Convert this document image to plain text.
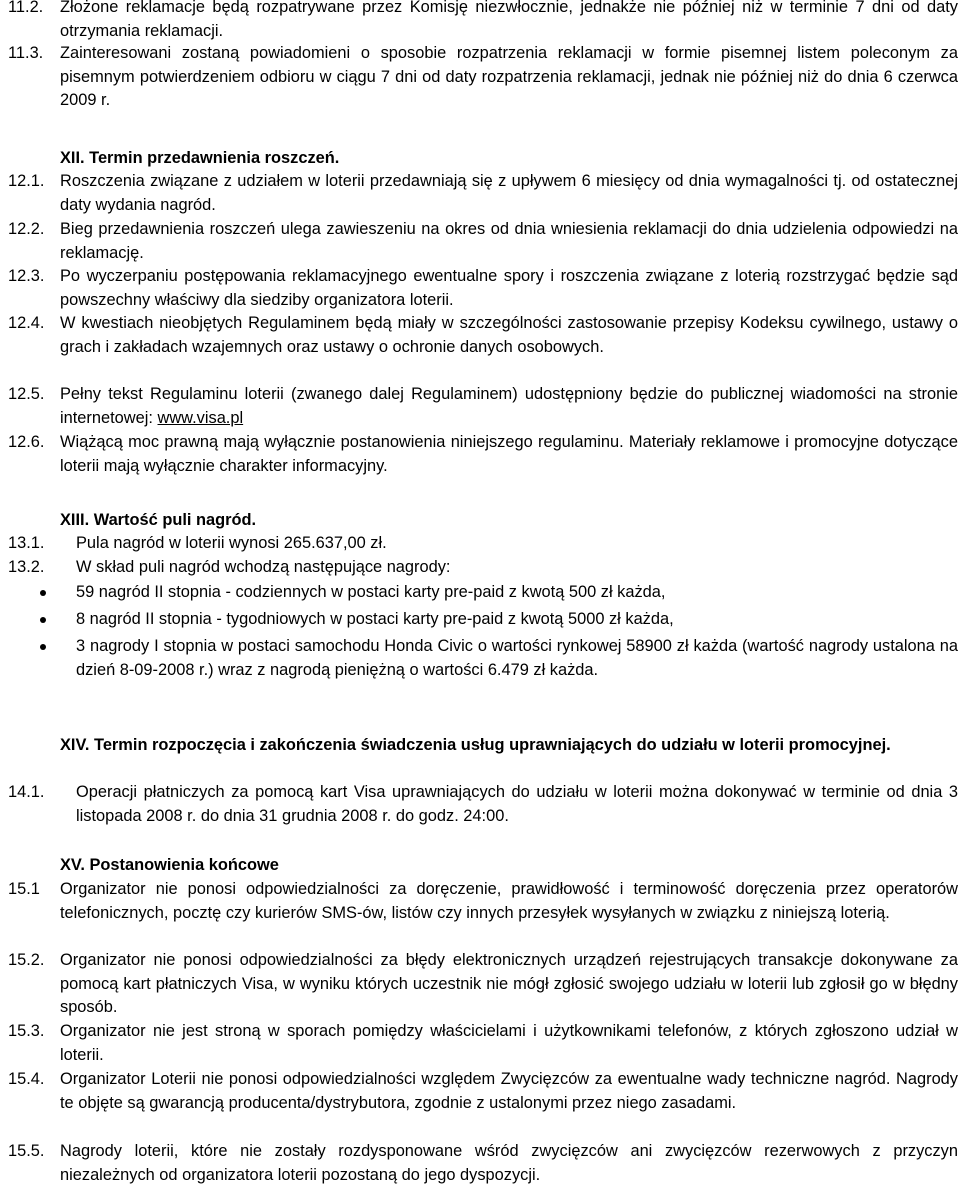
11.2.	Złożone reklamacje będą rozpatrywane przez Komisję niezwłocznie, jednakże nie później niż w terminie 7 dni od daty otrzymania reklamacji.
11.3.	Zainteresowani zostaną powiadomieni o sposobie rozpatrzenia reklamacji w formie pisemnej listem poleconym za pisemnym potwierdzeniem odbioru w ciągu 7 dni od daty rozpatrzenia reklamacji, jednak nie później niż do dnia 6 czerwca 2009 r.
XII. Termin przedawnienia roszczeń.
12.1. Roszczenia związane z udziałem w loterii przedawniają się z upływem 6 miesięcy od dnia wymagalności tj. od ostatecznej daty wydania nagród.
12.2. Bieg przedawnienia roszczeń ulega zawieszeniu na okres od dnia wniesienia reklamacji do dnia udzielenia odpowiedzi na reklamację.
12.3. Po wyczerpaniu postępowania reklamacyjnego ewentualne spory i roszczenia związane z loterią rozstrzygać będzie sąd powszechny właściwy dla siedziby organizatora loterii.
12.4. W kwestiach nieobjętych Regulaminem będą miały w szczególności zastosowanie przepisy Kodeksu cywilnego, ustawy o grach i zakładach wzajemnych oraz ustawy o ochronie danych osobowych.
12.5. Pełny tekst Regulaminu loterii (zwanego dalej Regulaminem) udostępniony będzie do publicznej wiadomości na stronie internetowej: www.visa.pl
12.6. Wiążącą moc prawną mają wyłącznie postanowienia niniejszego regulaminu. Materiały reklamowe i promocyjne dotyczące loterii mają wyłącznie charakter informacyjny.
XIII. Wartość puli nagród.
13.1.	Pula nagród w loterii wynosi 265.637,00 zł.
13.2.	W skład puli nagród wchodzą następujące nagrody:
59 nagród II stopnia - codziennych w postaci karty pre-paid z kwotą 500 zł każda,
8 nagród II stopnia - tygodniowych w postaci karty pre-paid z kwotą 5000 zł każda,
3 nagrody I stopnia w postaci samochodu Honda Civic o wartości rynkowej 58900 zł każda (wartość nagrody ustalona na dzień 8-09-2008 r.) wraz z nagrodą pieniężną o wartości 6.479 zł każda.
XIV. Termin rozpoczęcia i zakończenia świadczenia usług uprawniających do udziału w loterii promocyjnej.
14.1.	Operacji płatniczych za pomocą kart Visa uprawniających do udziału w loterii można dokonywać w terminie od dnia 3 listopada 2008 r. do dnia 31 grudnia 2008 r. do godz. 24:00.
XV. Postanowienia końcowe
15.1	Organizator nie ponosi odpowiedzialności za doręczenie, prawidłowość i terminowość doręczenia przez operatorów telefonicznych, pocztę czy kurierów SMS-ów, listów czy innych przesyłek wysyłanych w związku z niniejszą loterią.
15.2. Organizator nie ponosi odpowiedzialności za błędy elektronicznych urządzeń rejestrujących transakcje dokonywane za pomocą kart płatniczych Visa, w wyniku których uczestnik nie mógł zgłosić swojego udziału w loterii lub zgłosił go w błędny sposób.
15.3. Organizator nie jest stroną w sporach pomiędzy właścicielami i użytkownikami telefonów, z których zgłoszono udział w loterii.
15.4. Organizator Loterii nie ponosi odpowiedzialności względem Zwycięzców za ewentualne wady techniczne nagród. Nagrody te objęte są gwarancją producenta/dystrybutora, zgodnie z ustalonymi przez niego zasadami.
15.5. Nagrody loterii, które nie zostały rozdysponowane wśród zwycięzców ani zwycięzców rezerwowych z przyczyn niezależnych od organizatora loterii pozostaną do jego dyspozycji.
